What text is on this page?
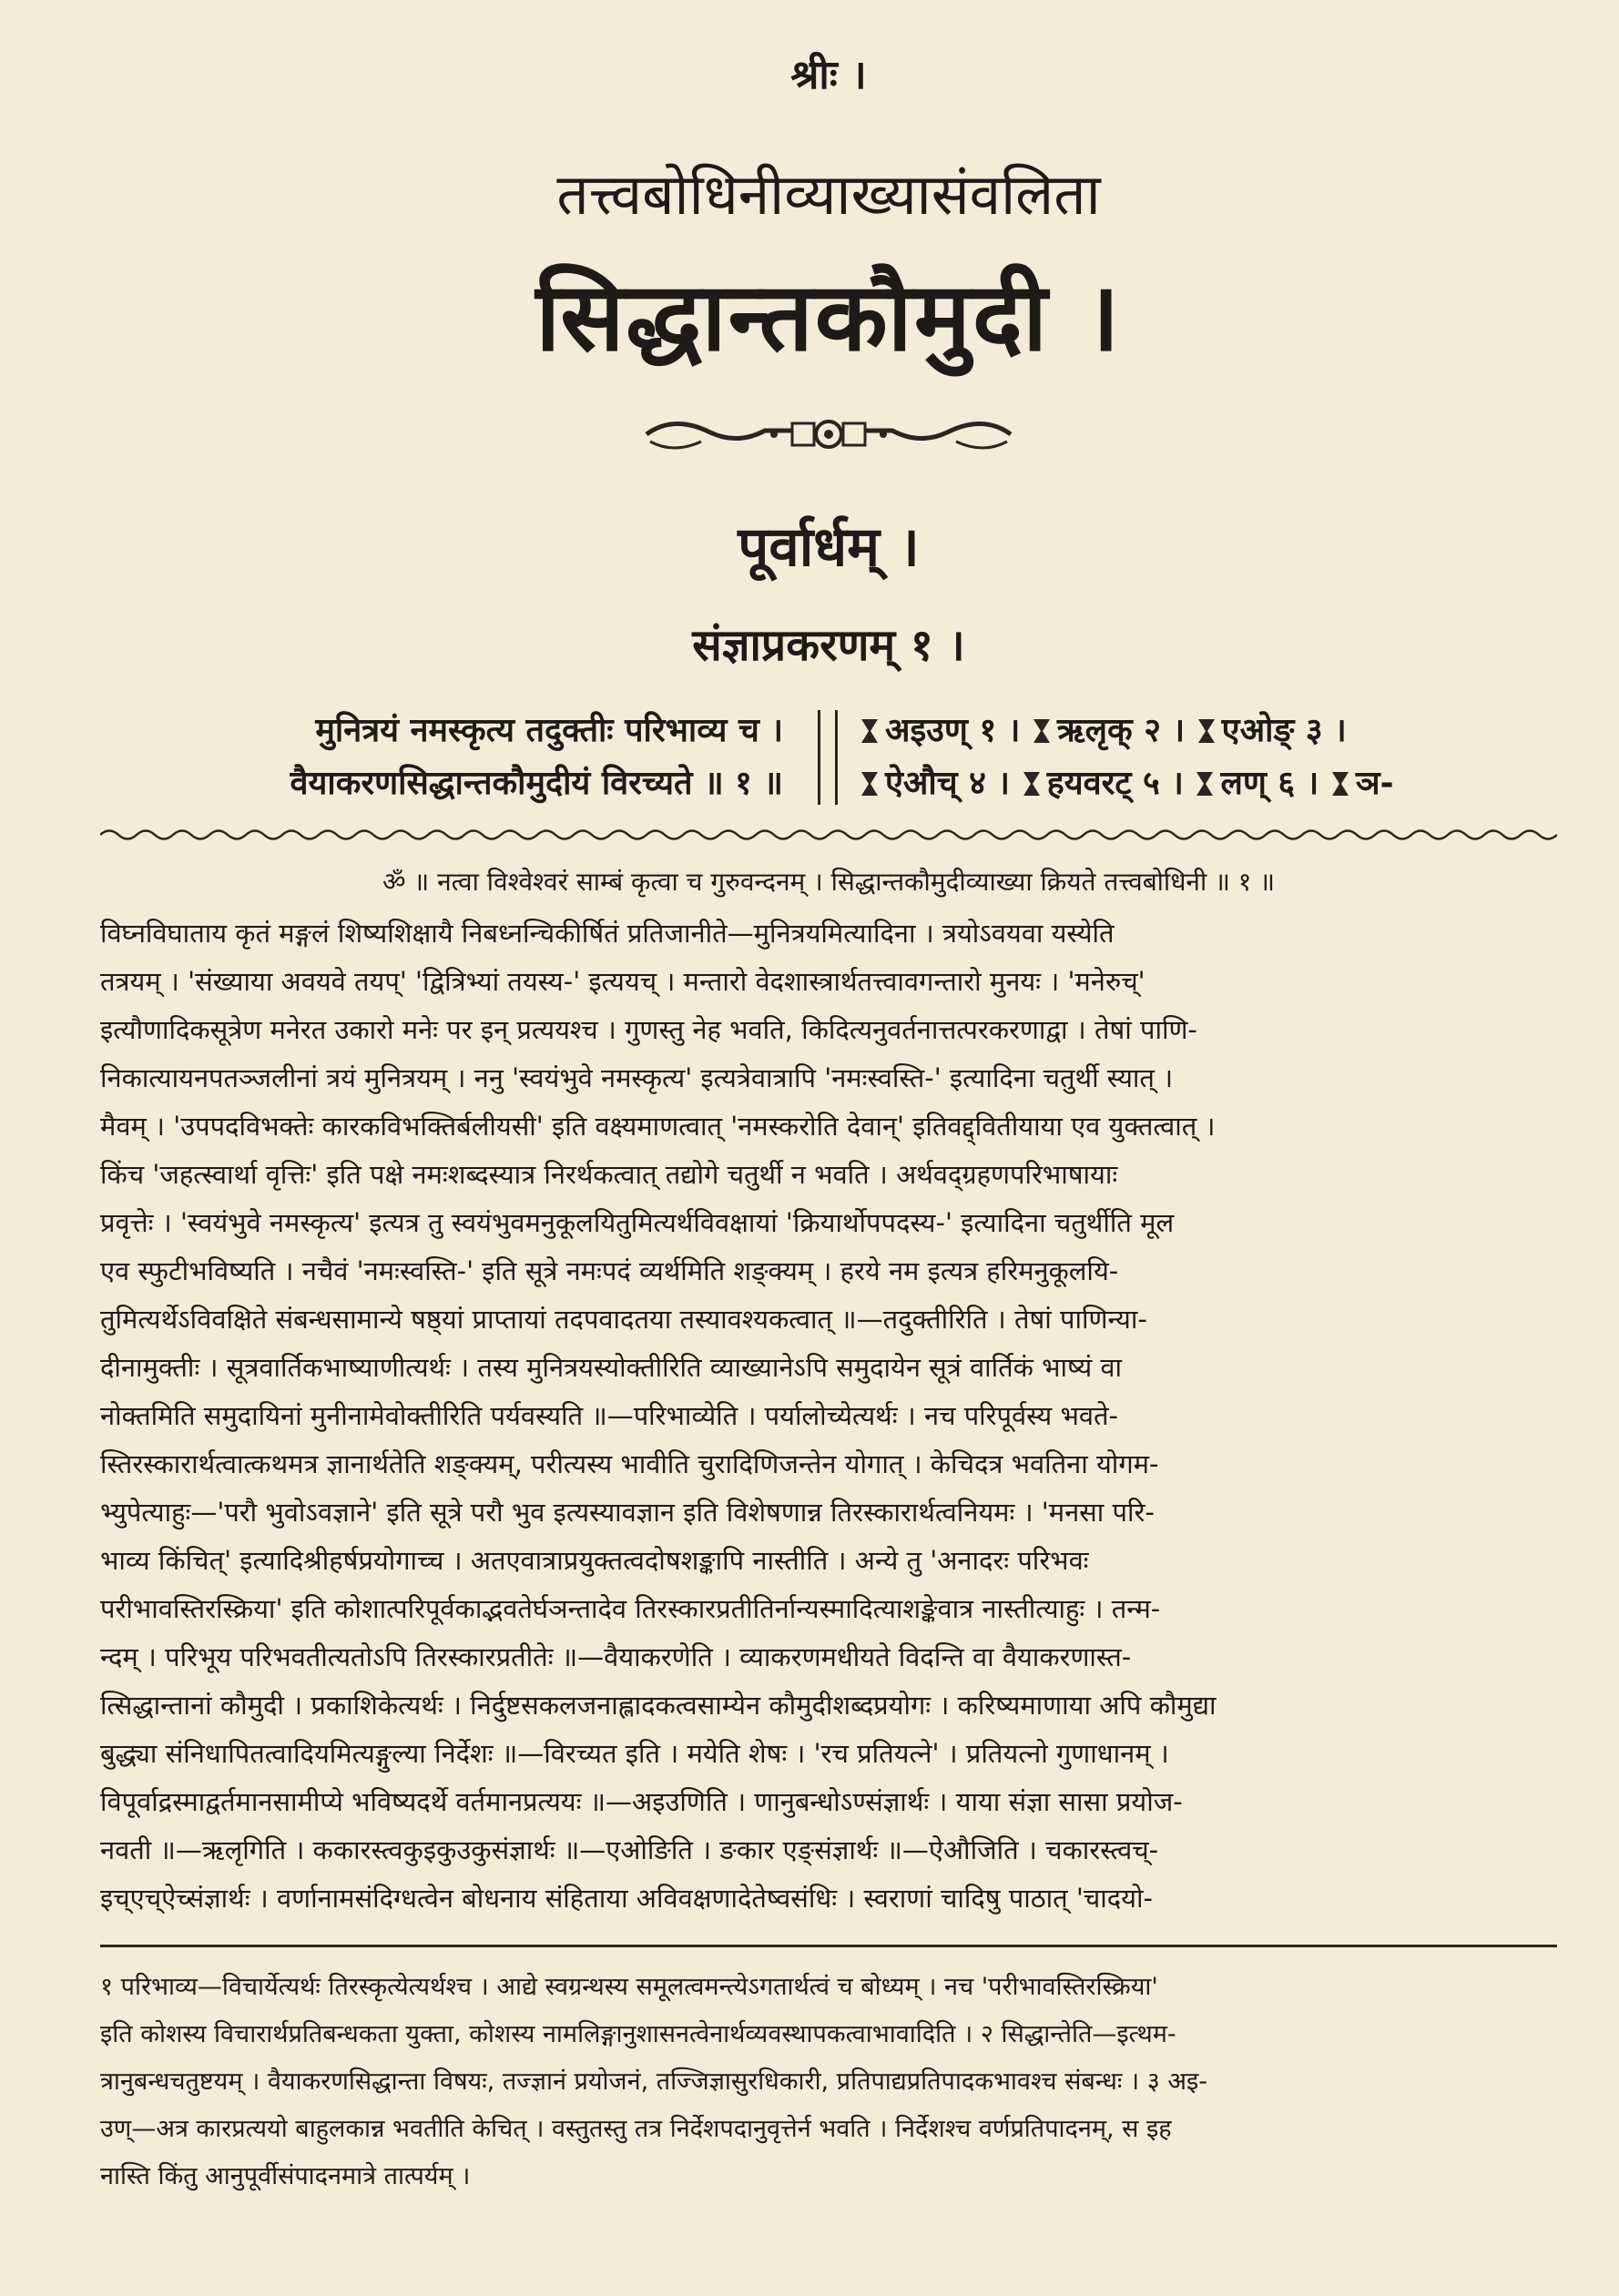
श्रीः ।
तत्त्वबोधिनीव्याख्यासंवलिता
सिद्धान्तकौमुदी ।
पूर्वार्धम् ।
संज्ञाप्रकरणम् १ ।
मुनित्रयं नमस्कृत्य तदुक्तीः परिभाव्य च ।
वैयाकरणसिद्धान्तकौमुदीयं विरच्यते ॥ १ ॥
अइउण् १ । ऋलृक् २ । एओङ् ३ ।
ऐऔच् ४ । हयवरट् ५ । लण् ६ । ञ-
ॐ ॥ नत्वा विश्वेश्वरं साम्बं कृत्वा च गुरुवन्दनम् । सिद्धान्तकौमुदीव्याख्या क्रियते तत्त्वबोधिनी ॥ १ ॥
विघ्नविघाताय कृतं मङ्गलं शिष्यशिक्षायै निबध्नन्चिकीर्षितं प्रतिजानीते—मुनित्रयमित्यादिना । त्रयोऽवयवा यस्येति
तत्रयम् । 'संख्याया अवयवे तयप्' 'द्वित्रिभ्यां तयस्य-' इत्ययच् । मन्तारो वेदशास्त्रार्थतत्त्वावगन्तारो मुनयः । 'मनेरुच्'
इत्यौणादिकसूत्रेण मनेरत उकारो मनेः पर इन् प्रत्ययश्च । गुणस्तु नेह भवति, किदित्यनुवर्तनात्तत्परकरणाद्वा । तेषां पाणि-
निकात्यायनपतञ्जलीनां त्रयं मुनित्रयम् । ननु 'स्वयंभुवे नमस्कृत्य' इत्यत्रेवात्रापि 'नमःस्वस्ति-' इत्यादिना चतुर्थी स्यात् ।
मैवम् । 'उपपदविभक्तेः कारकविभक्तिर्बलीयसी' इति वक्ष्यमाणत्वात् 'नमस्करोति देवान्' इतिवद्द्वितीयाया एव युक्तत्वात् ।
किंच 'जहत्स्वार्था वृत्तिः' इति पक्षे नमःशब्दस्यात्र निरर्थकत्वात् तद्योगे चतुर्थी न भवति । अर्थवद्ग्रहणपरिभाषायाः
प्रवृत्तेः । 'स्वयंभुवे नमस्कृत्य' इत्यत्र तु स्वयंभुवमनुकूलयितुमित्यर्थविवक्षायां 'क्रियार्थोपपदस्य-' इत्यादिना चतुर्थीति मूल
एव स्फुटीभविष्यति । नचैवं 'नमःस्वस्ति-' इति सूत्रे नमःपदं व्यर्थमिति शङ्क्यम् । हरये नम इत्यत्र हरिमनुकूलयि-
तुमित्यर्थेऽविवक्षिते संबन्धसामान्ये षष्ठ्यां प्राप्तायां तदपवादतया तस्यावश्यकत्वात् ॥—तदुक्तीरिति । तेषां पाणिन्या-
दीनामुक्तीः । सूत्रवार्तिकभाष्याणीत्यर्थः । तस्य मुनित्रयस्योक्तीरिति व्याख्यानेऽपि समुदायेन सूत्रं वार्तिकं भाष्यं वा
नोक्तमिति समुदायिनां मुनीनामेवोक्तीरिति पर्यवस्यति ॥—परिभाव्येति । पर्यालोच्येत्यर्थः । नच परिपूर्वस्य भवते-
स्तिरस्कारार्थत्वात्कथमत्र ज्ञानार्थतेति शङ्क्यम्, परीत्यस्य भावीति चुरादिणिजन्तेन योगात् । केचिदत्र भवतिना योगम-
भ्युपेत्याहुः—'परौ भुवोऽवज्ञाने' इति सूत्रे परौ भुव इत्यस्यावज्ञान इति विशेषणान्न तिरस्कारार्थत्वनियमः । 'मनसा परि-
भाव्य किंचित्' इत्यादिश्रीहर्षप्रयोगाच्च । अतएवात्राप्रयुक्तत्वदोषशङ्कापि नास्तीति । अन्ये तु 'अनादरः परिभवः
परीभावस्तिरस्क्रिया' इति कोशात्परिपूर्वकाद्भवतेर्घञन्तादेव तिरस्कारप्रतीतिर्नान्यस्मादित्याशङ्केवात्र नास्तीत्याहुः । तन्म-
न्दम् । परिभूय परिभवतीत्यतोऽपि तिरस्कारप्रतीतेः ॥—वैयाकरणेति । व्याकरणमधीयते विदन्ति वा वैयाकरणास्त-
त्सिद्धान्तानां कौमुदी । प्रकाशिकेत्यर्थः । निर्दुष्टसकलजनाह्लादकत्वसाम्येन कौमुदीशब्दप्रयोगः । करिष्यमाणाया अपि कौमुद्या
बुद्ध्या संनिधापितत्वादियमित्यङ्गुल्या निर्देशः ॥—विरच्यत इति । मयेति शेषः । 'रच प्रतियत्ने' । प्रतियत्नो गुणाधानम् ।
विपूर्वाद्रस्माद्वर्तमानसामीप्ये भविष्यदर्थे वर्तमानप्रत्ययः ॥—अइउणिति । णानुबन्धोऽण्संज्ञार्थः । याया संज्ञा सासा प्रयोज-
नवती ॥—ऋलृगिति । ककारस्त्वकुइकुउकुसंज्ञार्थः ॥—एओङिति । ङकार एङ्संज्ञार्थः ॥—ऐऔजिति । चकारस्त्वच्-
इच्एच्ऐच्संज्ञार्थः । वर्णानामसंदिग्धत्वेन बोधनाय संहिताया अविवक्षणादेतेष्वसंधिः । स्वराणां चादिषु पाठात् 'चादयो-
१ परिभाव्य—विचार्येत्यर्थः तिरस्कृत्येत्यर्थश्च । आद्ये स्वग्रन्थस्य समूलत्वमन्त्येऽगतार्थत्वं च बोध्यम् । नच 'परीभावस्तिरस्क्रिया'
इति कोशस्य विचारार्थप्रतिबन्धकता युक्ता, कोशस्य नामलिङ्गानुशासनत्वेनार्थव्यवस्थापकत्वाभावादिति । २ सिद्धान्तेति—इत्थम-
त्रानुबन्धचतुष्टयम् । वैयाकरणसिद्धान्ता विषयः, तज्ज्ञानं प्रयोजनं, तज्जिज्ञासुरधिकारी, प्रतिपाद्यप्रतिपादकभावश्च संबन्धः । ३ अइ-
उण्—अत्र कारप्रत्ययो बाहुलकान्न भवतीति केचित् । वस्तुतस्तु तत्र निर्देशपदानुवृत्तेर्न भवति । निर्देशश्च वर्णप्रतिपादनम्, स इह
नास्ति किंतु आनुपूर्वीसंपादनमात्रे तात्पर्यम् ।
